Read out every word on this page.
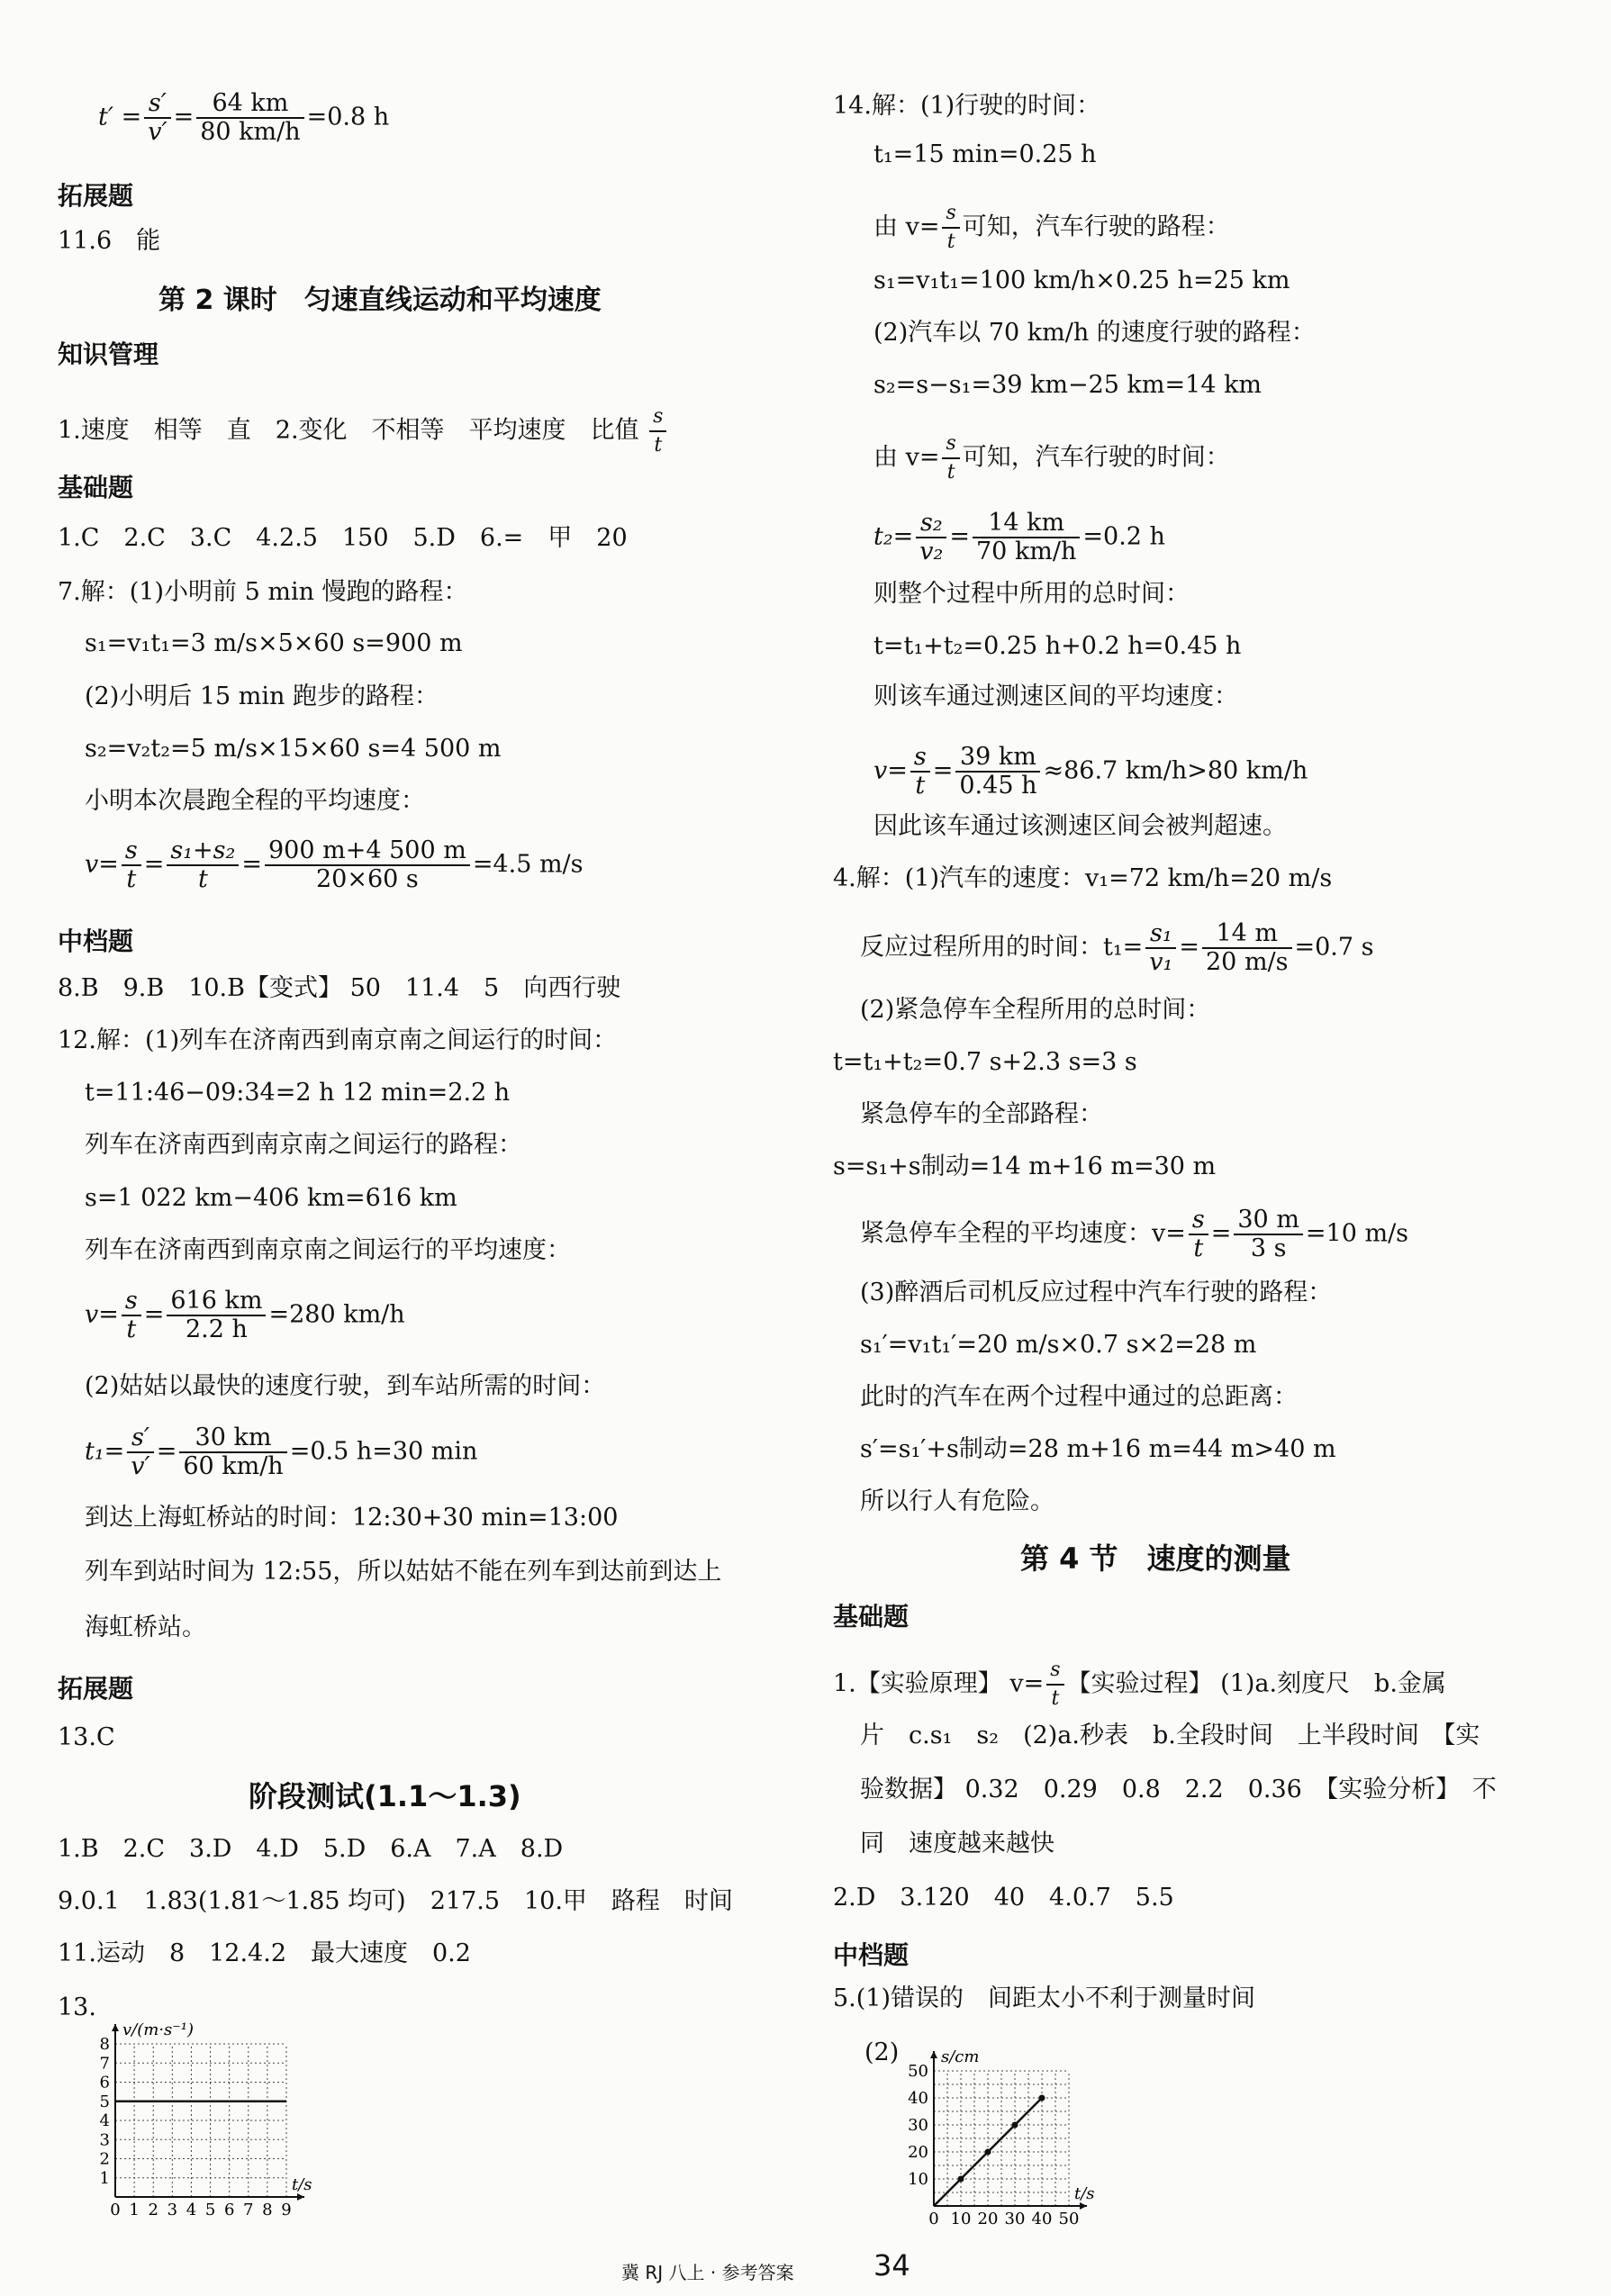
$t' = \frac{s'}{v'} = \frac{64 km}{80 km/h} =0.8$ h
拓展题
11.6　能
第 2 课时　匀速直线运动和平均速度
知识管理
1.速度　相等　直　2.变化　不相等　平均速度　比值 $\frac{s}{t}$
基础题
1.C　2.C　3.C　4.2.5　150　5.D　6.=　甲　20
7.解：(1)小明前 5 min 慢跑的路程：
s₁=v₁t₁=3 m/s×5×60 s=900 m
(2)小明后 15 min 跑步的路程：
s₂=v₂t₂=5 m/s×15×60 s=4 500 m
小明本次晨跑全程的平均速度：
$v= \frac{s}{t} = \frac{\text{s₁+s₂}}{t} = \frac{900 m+4 500 m}{20\times 60 s} =4.5$ m/s
中档题
8.B　9.B　10.B【变式】 50　11.4　5　向西行驶
12.解：(1)列车在济南西到南京南之间运行的时间：
t=11:46−09:34=2 h 12 min=2.2 h
列车在济南西到南京南之间运行的路程：
s=1 022 km−406 km=616 km
列车在济南西到南京南之间运行的平均速度：
$v= \frac{s}{t} = \frac{616 km}{2.2 h} =280$ km/h
(2)姑姑以最快的速度行驶，到车站所需的时间：
$t_1= \frac{s'}{v'} = \frac{30 km}{60 km/h} =0.5$ h=30 min
到达上海虹桥站的时间：12:30+30 min=13:00
列车到站时间为 12:55，所以姑姑不能在列车到达前到达上
海虹桥站。
拓展题
13.C
阶段测试(1.1～1.3)
1.B　2.C　3.D　4.D　5.D　6.A　7.A　8.D
9.0.1　1.83(1.81～1.85 均可)　217.5　10.甲　路程　时间
11.运动　8　12.4.2　最大速度　0.2
13.
0 1 2 3 4 5 6 7 8 9
1
2
3
4
5
6
7
8
v/(m·s⁻¹)
t/s
14.解：(1)行驶的时间：
t₁=15 min=0.25 h
由 $v= \frac{s}{t}$ 可知，汽车行驶的路程：
s₁=v₁t₁=100 km/h×0.25 h=25 km
(2)汽车以 70 km/h 的速度行驶的路程：
s₂=s−s₁=39 km−25 km=14 km
由 $v= \frac{s}{t}$ 可知，汽车行驶的时间：
$t_2= \frac{\text{s₂}}{\text{v₂}} = \frac{14 km}{70 km/h} =0.2$ h
则整个过程中所用的总时间：
t=t₁+t₂=0.25 h+0.2 h=0.45 h
则该车通过测速区间的平均速度：
$v= \frac{s}{t} = \frac{39 km}{0.45 h} \approx 86.7$ km/h>80 km/h
因此该车通过该测速区间会被判超速。
4.解：(1)汽车的速度：v₁=72 km/h=20 m/s
反应过程所用的时间：$t_1= \frac{\text{s₁}}{\text{v₁}} = \frac{14 m}{20 m/s} =0.7$ s
(2)紧急停车全程所用的总时间：
t=t₁+t₂=0.7 s+2.3 s=3 s
紧急停车的全部路程：
s=s₁+s制动=14 m+16 m=30 m
紧急停车全程的平均速度：$v= \frac{s}{t} = \frac{30 m}{3 s} =10$ m/s
(3)醉酒后司机反应过程中汽车行驶的路程：
s₁′=v₁t₁′=20 m/s×0.7 s×2=28 m
此时的汽车在两个过程中通过的总距离：
s′=s₁′+s制动=28 m+16 m=44 m>40 m
所以行人有危险。
第 4 节　速度的测量
基础题
1.【实验原理】 $v= \frac{s}{t}$ 【实验过程】 (1)a.刻度尺　b.金属
片　c.s₁　s₂　(2)a.秒表　b.全段时间　上半段时间　【实
验数据】 0.32　0.29　0.8　2.2　0.36　【实验分析】　不
同　速度越来越快
2.D　3.120　40　4.0.7　5.5
中档题
5.(1)错误的　间距太小不利于测量时间
(2)
0 10 20 30 40 50
10
20
30
40
50
s/cm
t/s
冀 RJ 八上 · 参考答案	34
